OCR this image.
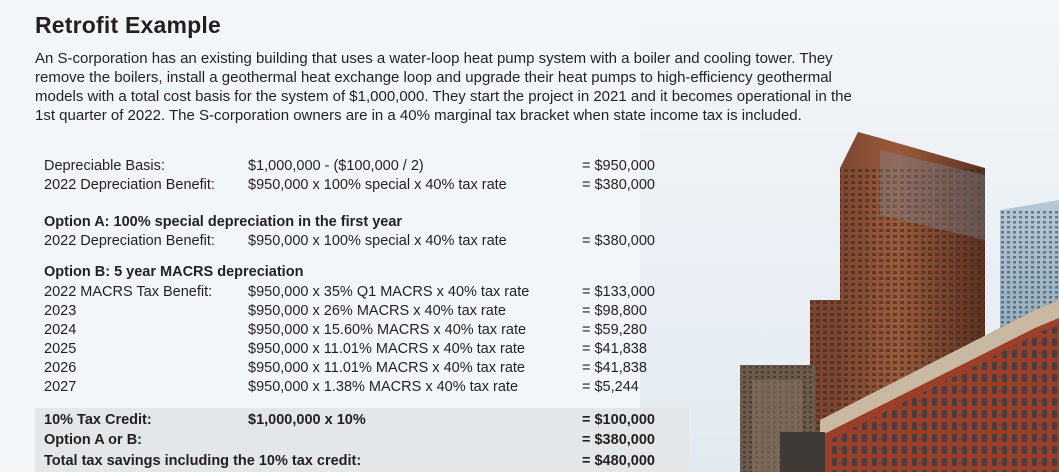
Retrofit Example
An S-corporation has an existing building that uses a water-loop heat pump system with a boiler and cooling tower. They remove the boilers, install a geothermal heat exchange loop and upgrade their heat pumps to high-efficiency geothermal models with a total cost basis for the system of $1,000,000. They start the project in 2021 and it becomes operational in the 1st quarter of 2022. The S-corporation owners are in a 40% marginal tax bracket when state income tax is included.
Depreciable Basis:	$1,000,000 - ($100,000 / 2)	= $950,000
2022 Depreciation Benefit: $950,000 x 100% special x 40% tax rate	= $380,000
Option A: 100% special depreciation in the first year
2022 Depreciation Benefit: $950,000 x 100% special x 40% tax rate	= $380,000
Option B: 5 year MACRS depreciation
2022 MACRS Tax Benefit: $950,000 x 35% Q1 MACRS x 40% tax rate	= $133,000
2023	$950,000 x 26% MACRS x 40% tax rate	= $98,800
2024	$950,000 x 15.60% MACRS x 40% tax rate	= $59,280
2025	$950,000 x 11.01% MACRS x 40% tax rate	= $41,838
2026	$950,000 x 11.01% MACRS x 40% tax rate	= $41,838
2027	$950,000 x 1.38% MACRS x 40% tax rate	= $5,244
10% Tax Credit:	$1,000,000 x 10%	= $100,000
Option A or B:	= $380,000
Total tax savings including the 10% tax credit:	= $480,000
